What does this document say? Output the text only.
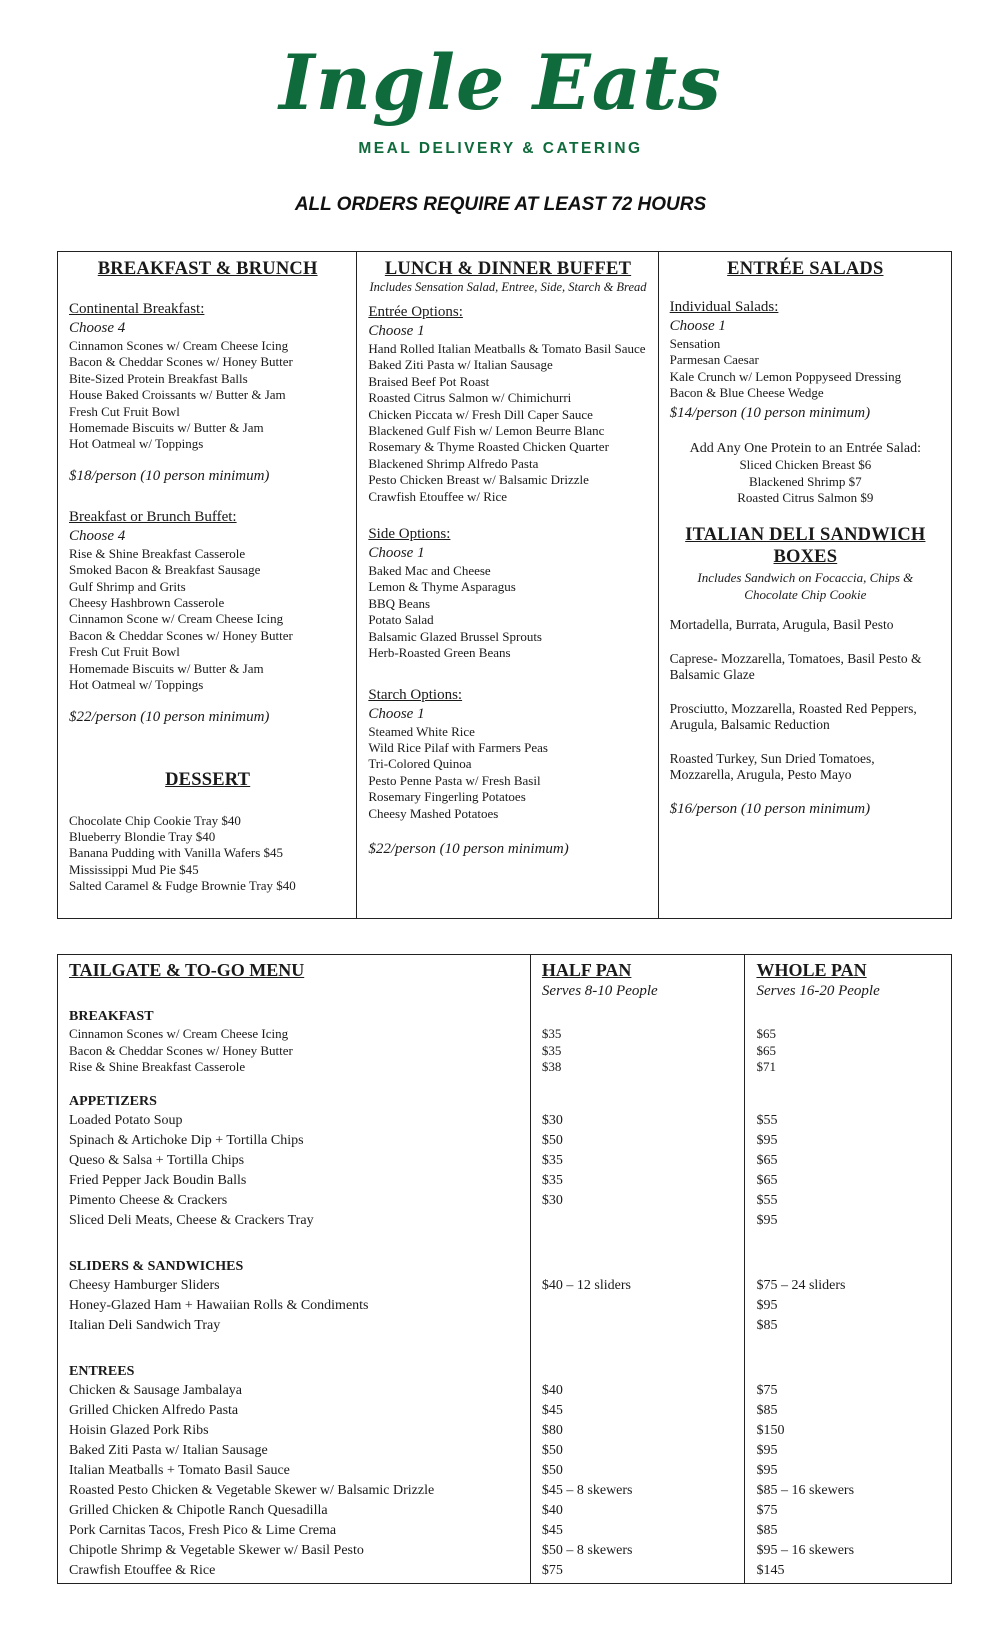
Ingle Eats
MEAL DELIVERY & CATERING
ALL ORDERS REQUIRE AT LEAST 72 HOURS
BREAKFAST & BRUNCH
Continental Breakfast:
Choose 4
Cinnamon Scones w/ Cream Cheese Icing
Bacon & Cheddar Scones w/ Honey Butter
Bite-Sized Protein Breakfast Balls
House Baked Croissants w/ Butter & Jam
Fresh Cut Fruit Bowl
Homemade Biscuits w/ Butter & Jam
Hot Oatmeal w/ Toppings
$18/person (10 person minimum)
Breakfast or Brunch Buffet:
Choose 4
Rise & Shine Breakfast Casserole
Smoked Bacon & Breakfast Sausage
Gulf Shrimp and Grits
Cheesy Hashbrown Casserole
Cinnamon Scone w/ Cream Cheese Icing
Bacon & Cheddar Scones w/ Honey Butter
Fresh Cut Fruit Bowl
Homemade Biscuits w/ Butter & Jam
Hot Oatmeal w/ Toppings
$22/person (10 person minimum)
DESSERT
Chocolate Chip Cookie Tray $40
Blueberry Blondie Tray $40
Banana Pudding with Vanilla Wafers $45
Mississippi Mud Pie $45
Salted Caramel & Fudge Brownie Tray $40
LUNCH & DINNER BUFFET
Includes Sensation Salad, Entree, Side, Starch & Bread
Entrée Options:
Choose 1
Hand Rolled Italian Meatballs & Tomato Basil Sauce
Baked Ziti Pasta w/ Italian Sausage
Braised Beef Pot Roast
Roasted Citrus Salmon w/ Chimichurri
Chicken Piccata w/ Fresh Dill Caper Sauce
Blackened Gulf Fish w/ Lemon Beurre Blanc
Rosemary & Thyme Roasted Chicken Quarter
Blackened Shrimp Alfredo Pasta
Pesto Chicken Breast w/ Balsamic Drizzle
Crawfish Etouffee w/ Rice
Side Options:
Choose 1
Baked Mac and Cheese
Lemon & Thyme Asparagus
BBQ Beans
Potato Salad
Balsamic Glazed Brussel Sprouts
Herb-Roasted Green Beans
Starch Options:
Choose 1
Steamed White Rice
Wild Rice Pilaf with Farmers Peas
Tri-Colored Quinoa
Pesto Penne Pasta w/ Fresh Basil
Rosemary Fingerling Potatoes
Cheesy Mashed Potatoes
$22/person (10 person minimum)
ENTRÉE SALADS
Individual Salads:
Choose 1
Sensation
Parmesan Caesar
Kale Crunch w/ Lemon Poppyseed Dressing
Bacon & Blue Cheese Wedge
$14/person (10 person minimum)
Add Any One Protein to an Entrée Salad:
Sliced Chicken Breast $6
Blackened Shrimp $7
Roasted Citrus Salmon $9
ITALIAN DELI SANDWICH
BOXES
Includes Sandwich on Focaccia, Chips & Chocolate Chip Cookie
Mortadella, Burrata, Arugula, Basil Pesto
Caprese- Mozzarella, Tomatoes, Basil Pesto & Balsamic Glaze
Prosciutto, Mozzarella, Roasted Red Peppers, Arugula, Balsamic Reduction
Roasted Turkey, Sun Dried Tomatoes, Mozzarella, Arugula, Pesto Mayo
$16/person (10 person minimum)
TAILGATE & TO-GO MENU

BREAKFAST
Cinnamon Scones w/ Cream Cheese Icing
Bacon & Cheddar Scones w/ Honey Butter
Rise & Shine Breakfast Casserole
APPETIZERS
Loaded Potato Soup
Spinach & Artichoke Dip + Tortilla Chips
Queso & Salsa + Tortilla Chips
Fried Pepper Jack Boudin Balls
Pimento Cheese & Crackers
Sliced Deli Meats, Cheese & Crackers Tray
SLIDERS & SANDWICHES
Cheesy Hamburger Sliders
Honey-Glazed Ham + Hawaiian Rolls & Condiments
Italian Deli Sandwich Tray
ENTREES
Chicken & Sausage Jambalaya
Grilled Chicken Alfredo Pasta
Hoisin Glazed Pork Ribs
Baked Ziti Pasta w/ Italian Sausage
Italian Meatballs + Tomato Basil Sauce
Roasted Pesto Chicken & Vegetable Skewer w/ Balsamic Drizzle
Grilled Chicken & Chipotle Ranch Quesadilla
Pork Carnitas Tacos, Fresh Pico & Lime Crema
Chipotle Shrimp & Vegetable Skewer w/ Basil Pesto
Crawfish Etouffee & Rice
HALF PAN
Serves 8-10 People
$35
$35
$38
$30
$50
$35
$35
$30
$40 – 12 sliders
$40
$45
$80
$50
$50
$45 – 8 skewers
$40
$45
$50 – 8 skewers
$75
WHOLE PAN
Serves 16-20 People
$65
$65
$71
$55
$95
$65
$65
$55
$95
$75 – 24 sliders
$95
$85
$75
$85
$150
$95
$95
$85 – 16 skewers
$75
$85
$95 – 16 skewers
$145
